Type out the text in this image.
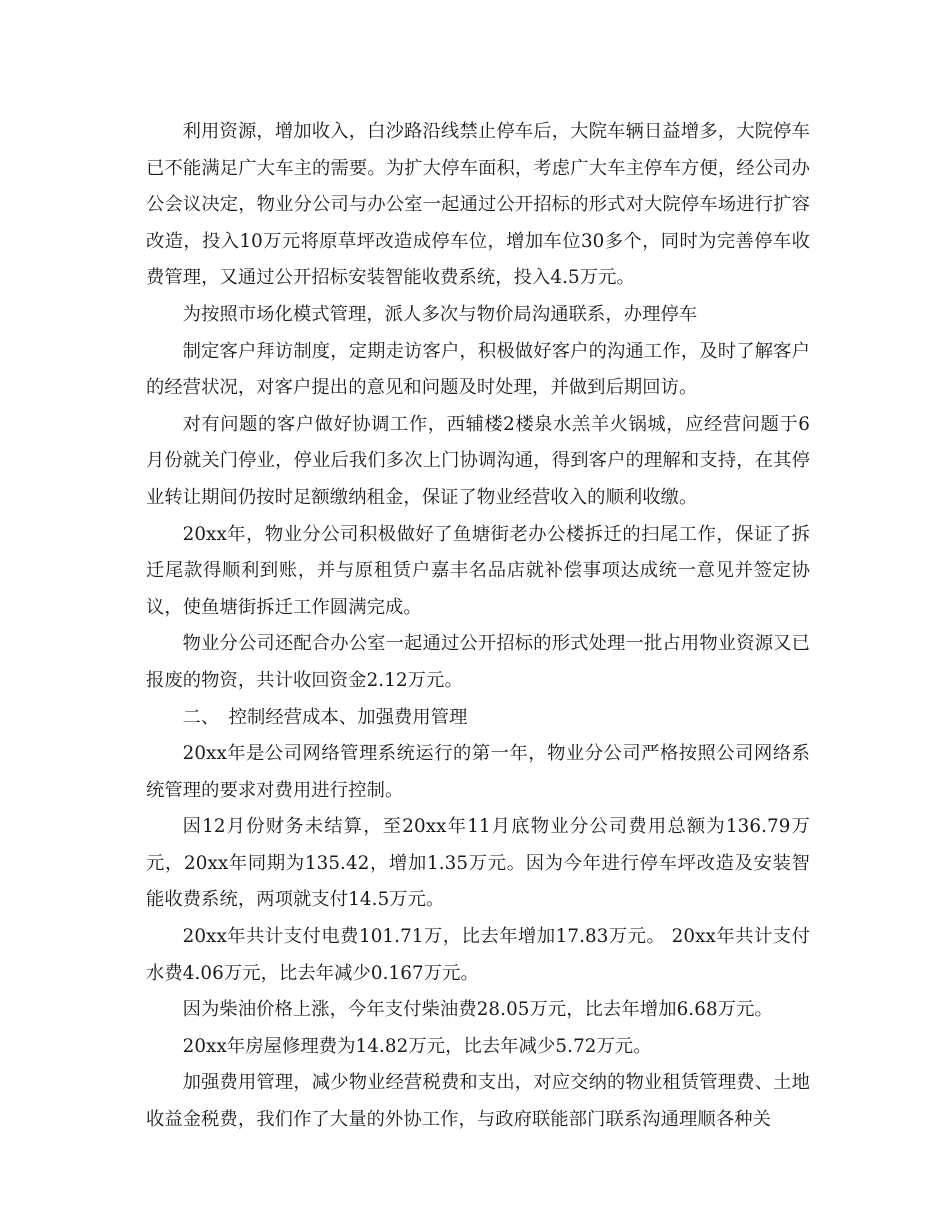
利用资源，增加收入，白沙路沿线禁止停车后，大院车辆日益增多，大院停车已不能满足广大车主的需要。为扩大停车面积，考虑广大车主停车方便，经公司办公会议决定，物业分公司与办公室一起通过公开招标的形式对大院停车场进行扩容改造，投入10万元将原草坪改造成停车位，增加车位30多个，同时为完善停车收费管理，又通过公开招标安装智能收费系统，投入4.5万元。

为按照市场化模式管理，派人多次与物价局沟通联系，办理停车

制定客户拜访制度，定期走访客户，积极做好客户的沟通工作，及时了解客户的经营状况，对客户提出的意见和问题及时处理，并做到后期回访。

对有问题的客户做好协调工作，西辅楼2楼泉水羔羊火锅城，应经营问题于6月份就关门停业，停业后我们多次上门协调沟通，得到客户的理解和支持，在其停业转让期间仍按时足额缴纳租金，保证了物业经营收入的顺利收缴。

20xx年，物业分公司积极做好了鱼塘街老办公楼拆迁的扫尾工作，保证了拆迁尾款得顺利到账，并与原租赁户嘉丰名品店就补偿事项达成统一意见并签定协议，使鱼塘街拆迁工作圆满完成。

物业分公司还配合办公室一起通过公开招标的形式处理一批占用物业资源又已报废的物资，共计收回资金2.12万元。

二、　控制经营成本、加强费用管理

20xx年是公司网络管理系统运行的第一年，物业分公司严格按照公司网络系统管理的要求对费用进行控制。

因12月份财务未结算，至20xx年11月底物业分公司费用总额为136.79万元，20xx年同期为135.42，增加1.35万元。因为今年进行停车坪改造及安装智能收费系统，两项就支付14.5万元。

20xx年共计支付电费101.71万，比去年增加17.83万元。 20xx年共计支付水费4.06万元，比去年减少0.167万元。

因为柴油价格上涨，今年支付柴油费28.05万元，比去年增加6.68万元。

20xx年房屋修理费为14.82万元，比去年减少5.72万元。

加强费用管理，减少物业经营税费和支出，对应交纳的物业租赁管理费、土地收益金税费，我们作了大量的外协工作，与政府联能部门联系沟通理顺各种关
